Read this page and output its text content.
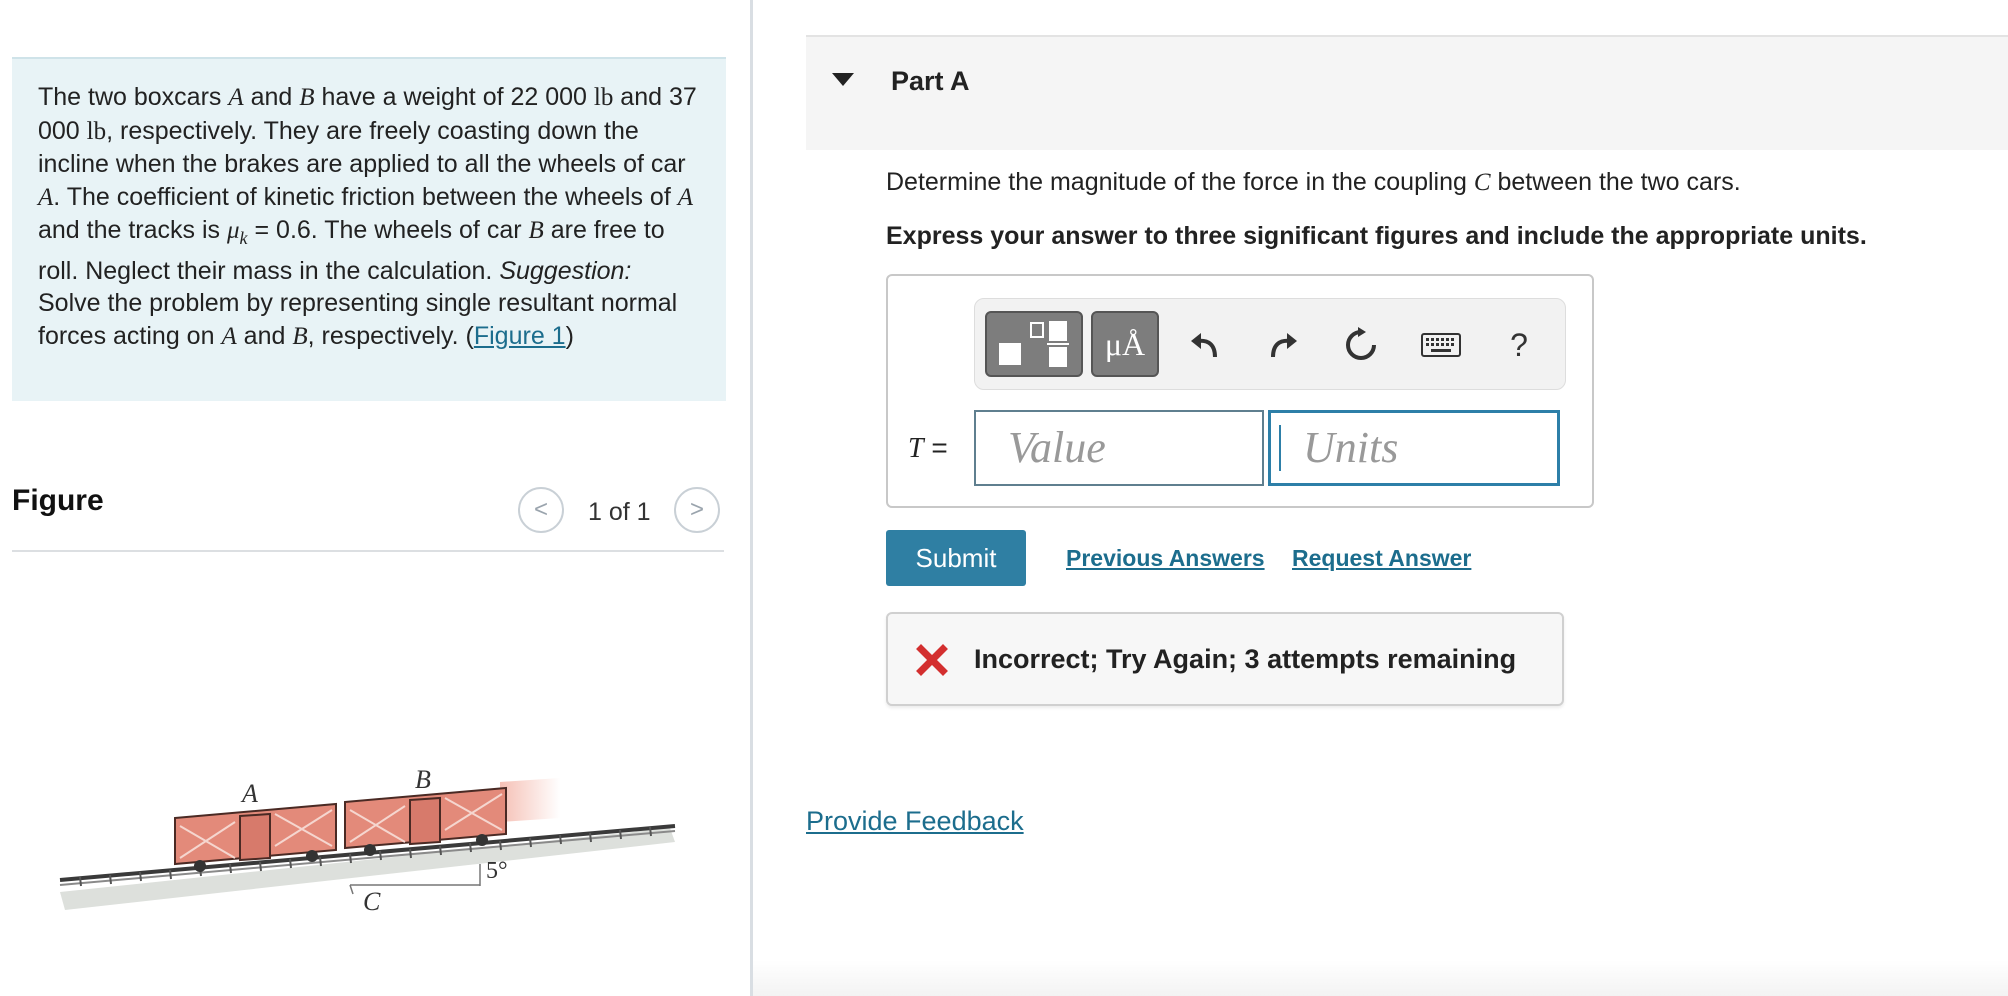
The two boxcars A and B have a weight of 22 000 lb and 37 000 lb, respectively. They are freely coasting down the incline when the brakes are applied to all the wheels of car A. The coefficient of kinetic friction between the wheels of A and the tracks is $\mu_k = 0.6$. The wheels of car B are free to roll. Neglect their mass in the calculation. Suggestion: Solve the problem by representing single resultant normal forces acting on A and B, respectively. (Figure 1)
Figure	< 1 of 1 >
A	B
C
5°
Part A
Determine the magnitude of the force in the coupling C between the two cars.
Express your answer to three significant figures and include the appropriate units.
μÅ	?
T =	Value	Units
Submit	Previous Answers Request Answer
Incorrect; Try Again; 3 attempts remaining
Provide Feedback
